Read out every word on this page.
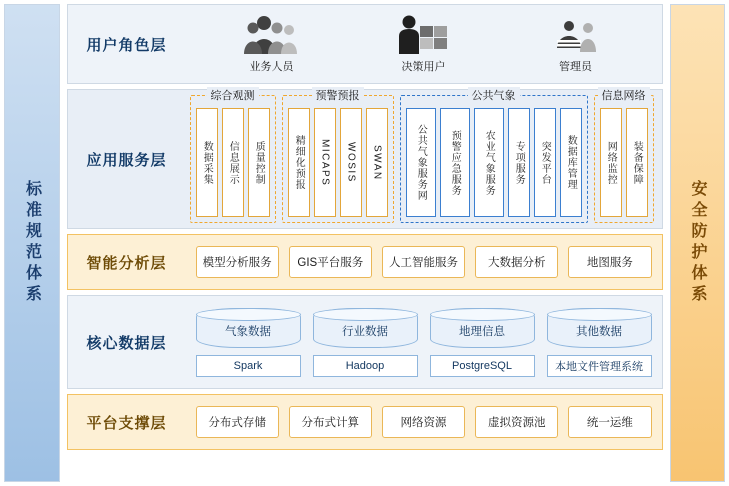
标准规范体系
用户角色层
业务人员	决策用户	管理员
应用服务层
综合观测
数据采集 信息展示 质量控制
预警预报
精细化预报 MICAPS WOSIS SWAN
公共气象
公共气象服务网 预警应急服务 农业气象服务 专项服务 突发平台 数据库管理
信息网络
网络监控 装备保障
智能分析层	模型分析服务	GIS平台服务	人工智能服务	大数据分析	地图服务
核心数据层
气象数据	行业数据	地理信息	其他数据
Spark	Hadoop	PostgreSQL	本地文件管理系统
平台支撑层	分布式存储	分布式计算	网络资源	虚拟资源池	统一运维
安全防护体系
